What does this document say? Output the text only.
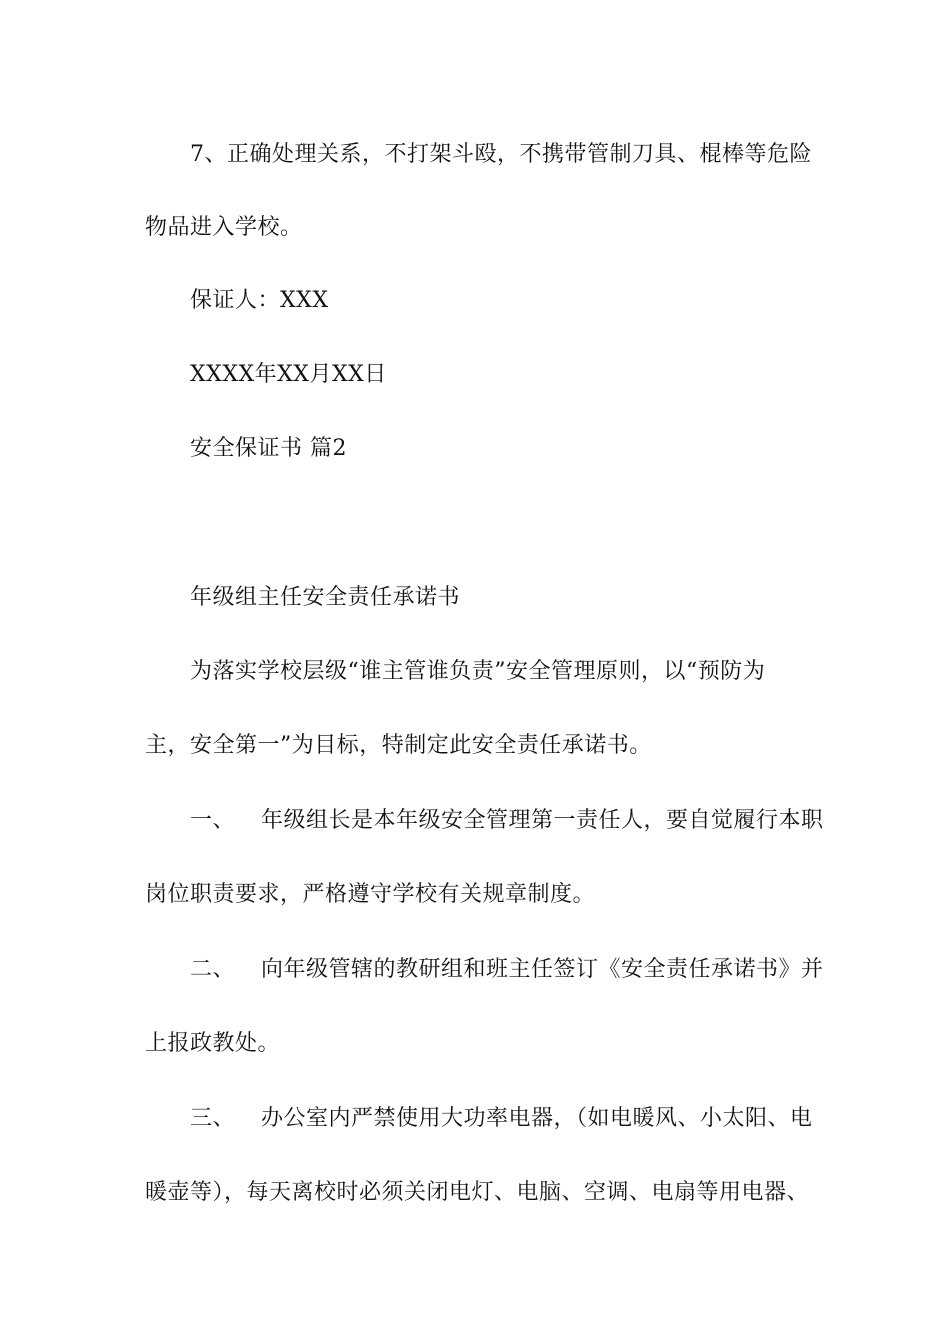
7、正确处理关系，不打架斗殴，不携带管制刀具、棍棒等危险
物品进入学校。
保证人：XXX
XXXX年XX月XX日
安全保证书 篇2
年级组主任安全责任承诺书
为落实学校层级“谁主管谁负责”安全管理原则，以“预防为
主，安全第一”为目标，特制定此安全责任承诺书。
一、 年级组长是本年级安全管理第一责任人，要自觉履行本职
岗位职责要求，严格遵守学校有关规章制度。
二、 向年级管辖的教研组和班主任签订《安全责任承诺书》并
上报政教处。
三、 办公室内严禁使用大功率电器，（如电暖风、小太阳、电
暖壶等），每天离校时必须关闭电灯、电脑、空调、电扇等用电器、
